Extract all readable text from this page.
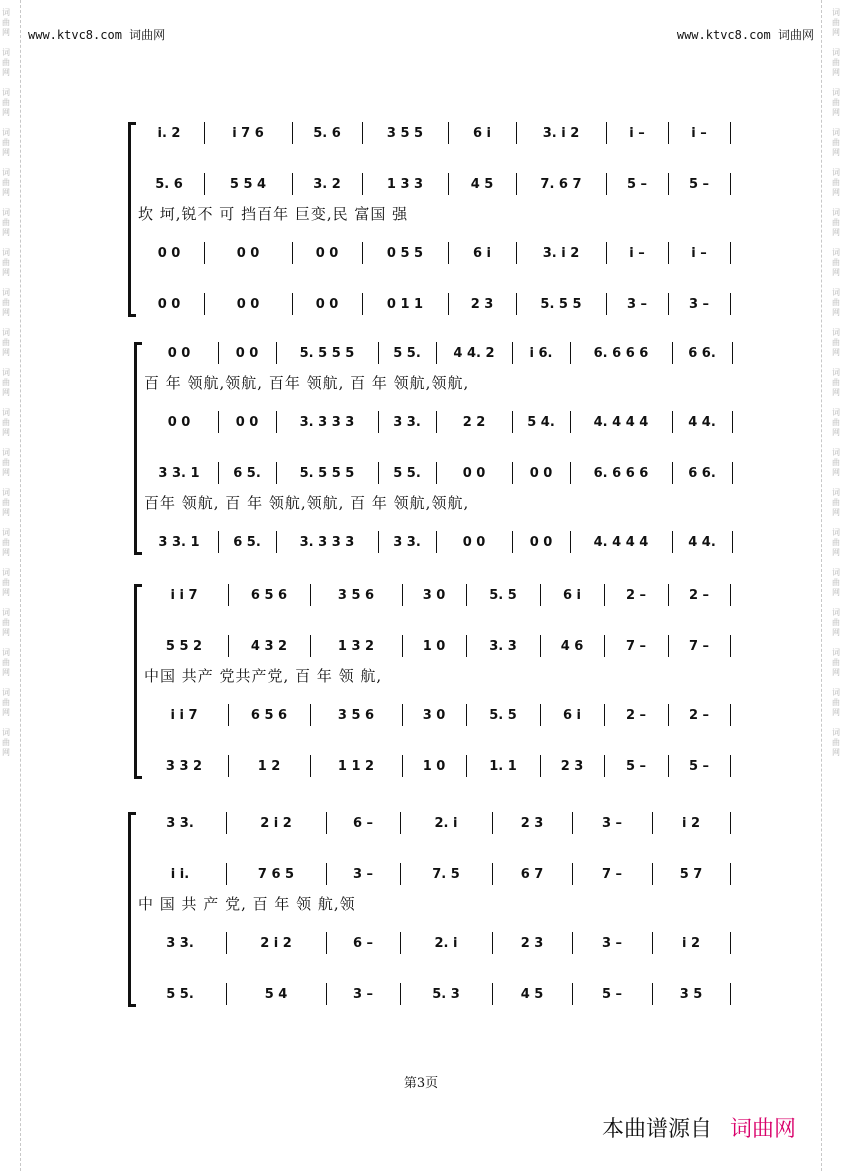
词
曲
网

词
曲
网

词
曲
网

词
曲
网

词
曲
网

词
曲
网

词
曲
网

词
曲
网

词
曲
网

词
曲
网

词
曲
网

词
曲
网

词
曲
网

词
曲
网

词
曲
网

词
曲
网

词
曲
网

词
曲
网

词
曲
网

词
曲
网

词
曲
网

词
曲
网

词
曲
网

词
曲
网

词
曲
网

词
曲
网

词
曲
网

词
曲
网

词
曲
网

词
曲
网

词
曲
网

词
曲
网

词
曲
网

词
曲
网

词
曲
网

词
曲
网

词
曲
网

词
曲
网

www.ktvc8.com 词曲网	www.ktvc8.com 词曲网
i. 2	i 7 6	5. 6	3 5 5	6 i	3. i 2	i –	i –
5. 6	5 5 4	3. 2	1 3 3	4 5	7. 6 7	5 –	5 –
0 0	0 0	0 0	0 5 5	6 i	3. i 2	i –	i –
0 0	0 0	0 0	0 1 1	2 3	5. 5 5	3 –	3 –
坎 坷,锐不 可 挡百年 巨变,民 富国 强
0 0	0 0	5. 5 5 5	5 5.	4 4. 2	i 6.	6. 6 6 6	6 6.
0 0	0 0	3. 3 3 3	3 3.	2 2	5 4.	4. 4 4 4	4 4.
3 3. 1	6 5.	5. 5 5 5	5 5.	0 0	0 0	6. 6 6 6	6 6.
3 3. 1	6 5.	3. 3 3 3	3 3.	0 0	0 0	4. 4 4 4	4 4.
百 年 领航,领航, 百年 领航, 百 年 领航,领航,
百年 领航, 百 年 领航,领航, 百 年 领航,领航,
i i 7	6 5 6	3 5 6	3 0	5. 5	6 i	2 –	2 –
5 5 2	4 3 2	1 3 2	1 0	3. 3	4 6	7 –	7 –
i i 7	6 5 6	3 5 6	3 0	5. 5	6 i	2 –	2 –
3 3 2	1 2	1 1 2	1 0	1. 1	2 3	5 –	5 –
中国 共产 党共产党, 百 年 领 航,
3 3.	2 i 2	6 –	2. i	2 3	3 –	i 2
i i.	7 6 5	3 –	7. 5	6 7	7 –	5 7
3 3.	2 i 2	6 –	2. i	2 3	3 –	i 2
5 5.	5 4	3 –	5. 3	4 5	5 –	3 5
中 国 共 产 党, 百 年 领 航,领
第3页
本曲谱源自 词曲网
